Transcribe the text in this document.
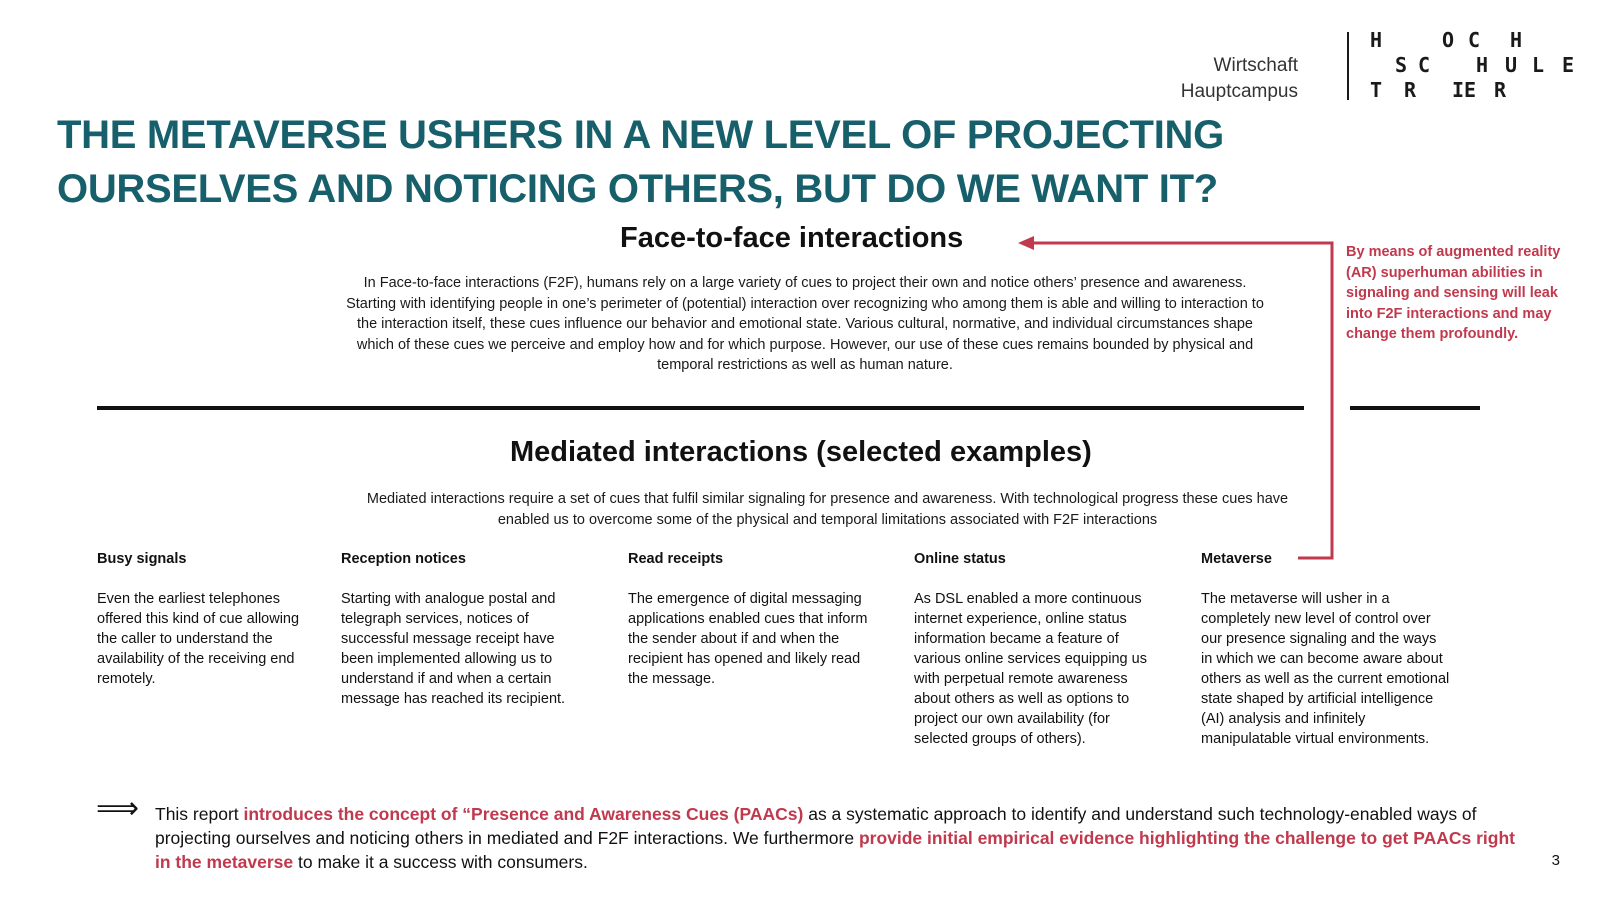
Wirtschaft
Hauptcampus
H	O C H
S C H U L E
T R IE R
THE METAVERSE USHERS IN A NEW LEVEL OF PROJECTING
OURSELVES AND NOTICING OTHERS, BUT DO WE WANT IT?
Face-to-face interactions
In Face-to-face interactions (F2F), humans rely on a large variety of cues to project their own and notice others’ presence and awareness. Starting with identifying people in one’s perimeter of (potential) interaction over recognizing who among them is able and willing to interaction to the interaction itself, these cues influence our behavior and emotional state. Various cultural, normative, and individual circumstances shape which of these cues we perceive and employ how and for which purpose. However, our use of these cues remains bounded by physical and temporal restrictions as well as human nature.
By means of augmented reality (AR) superhuman abilities in signaling and sensing will leak into F2F interactions and may change them profoundly.
Mediated interactions (selected examples)
Mediated interactions require a set of cues that fulfil similar signaling for presence and awareness. With technological progress these cues have enabled us to overcome some of the physical and temporal limitations associated with F2F interactions
Busy signals

Even the earliest telephones offered this kind of cue allowing the caller to understand the availability of the receiving end remotely.

Reception notices

Starting with analogue postal and telegraph services, notices of successful message receipt have been implemented allowing us to understand if and when a certain message has reached its recipient.

Read receipts

The emergence of digital messaging applications enabled cues that inform the sender about if and when the recipient has opened and likely read the message.

Online status

As DSL enabled a more continuous internet experience, online status information became a feature of various online services equipping us with perpetual remote awareness about others as well as options to project our own availability (for selected groups of others).

Metaverse

The metaverse will usher in a completely new level of control over our presence signaling and the ways in which we can become aware about others as well as the current emotional state shaped by artificial intelligence (AI) analysis and infinitely manipulatable virtual environments.

⟹ This report introduces the concept of “Presence and Awareness Cues (PAACs) as a systematic approach to identify and understand such technology-enabled ways of projecting ourselves and noticing others in mediated and F2F interactions. We furthermore provide initial empirical evidence highlighting the challenge to get PAACs right in the metaverse to make it a success with consumers.	3
